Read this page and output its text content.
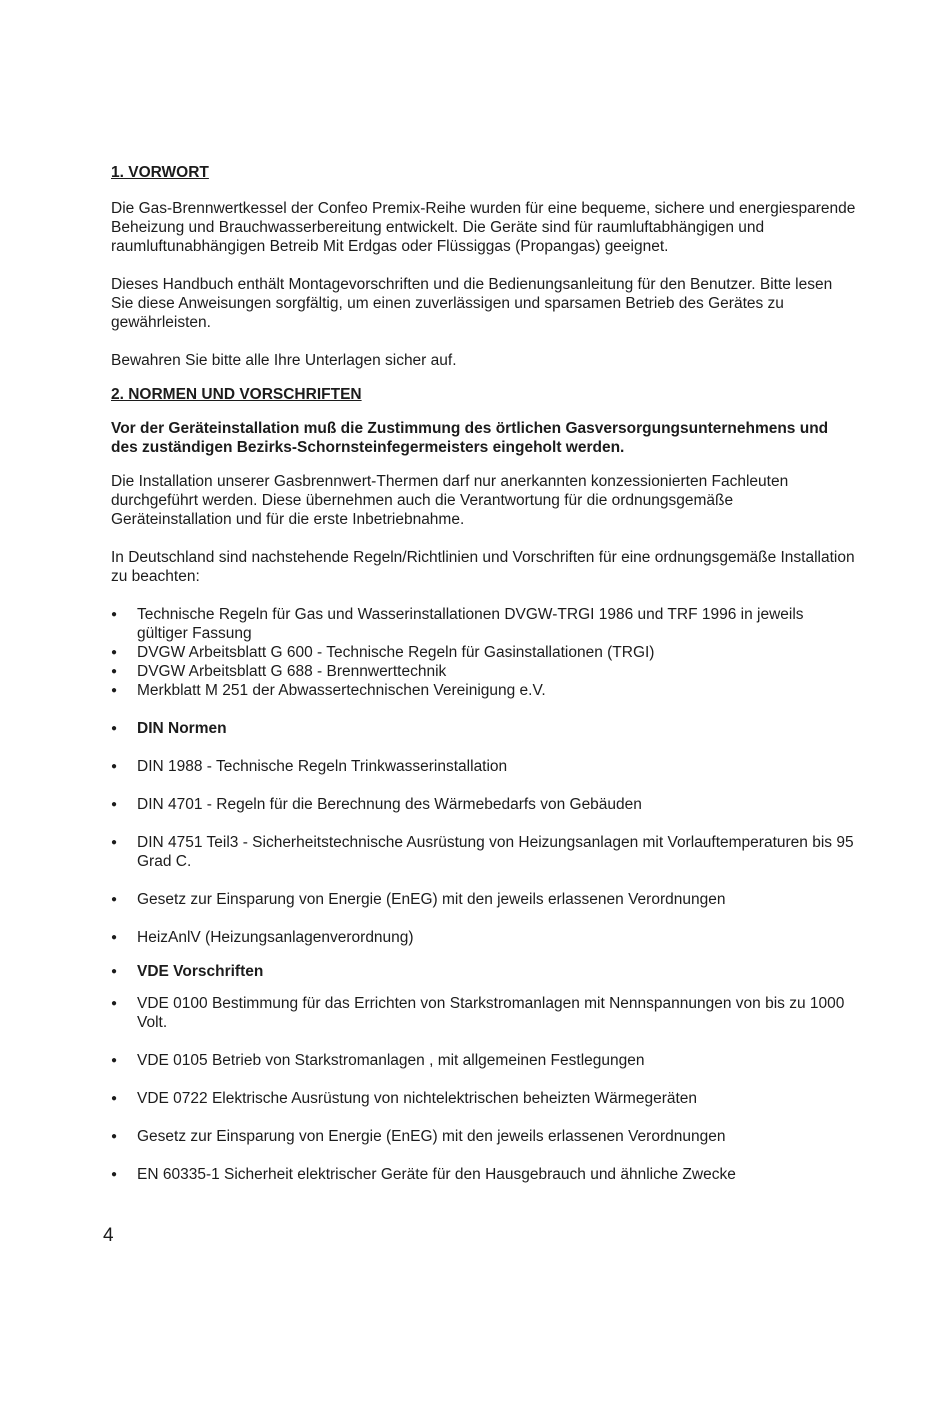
1. VORWORT

Die Gas-Brennwertkessel der Confeo Premix-Reihe wurden für eine bequeme, sichere und energiesparende Beheizung und Brauchwasserbereitung entwickelt. Die Geräte sind für raumluftabhängigen und raumluftunabhängigen Betreib Mit Erdgas oder Flüssiggas (Propangas) geeignet.

Dieses Handbuch enthält Montagevorschriften und die Bedienungsanleitung für den Benutzer. Bitte lesen Sie diese Anweisungen sorgfältig, um einen zuverlässigen und sparsamen Betrieb des Gerätes zu gewährleisten.

Bewahren Sie bitte alle Ihre Unterlagen sicher auf.

2. NORMEN UND VORSCHRIFTEN

Vor der Geräteinstallation muß die Zustimmung des örtlichen Gasversorgungsunternehmens und des zuständigen Bezirks-Schornsteinfegermeisters eingeholt werden.

Die Installation unserer Gasbrennwert-Thermen darf nur anerkannten konzessionierten Fachleuten durchgeführt werden. Diese übernehmen auch die Verantwortung für die ordnungsgemäße Geräteinstallation und für die erste Inbetriebnahme.

In Deutschland sind nachstehende Regeln/Richtlinien und Vorschriften für eine ordnungsgemäße Installation zu beachten:

● Technische Regeln für Gas und Wasserinstallationen DVGW-TRGI 1986 und TRF 1996 in jeweils gültiger Fassung
● DVGW Arbeitsblatt G 600 - Technische Regeln für Gasinstallationen (TRGI)
● DVGW Arbeitsblatt G 688 - Brennwerttechnik
● Merkblatt M 251 der Abwassertechnischen Vereinigung e.V.
● DIN Normen
● DIN 1988 - Technische Regeln Trinkwasserinstallation
● DIN 4701 - Regeln für die Berechnung des Wärmebedarfs von Gebäuden
● DIN 4751 Teil3 - Sicherheitstechnische Ausrüstung von Heizungsanlagen mit Vorlauftemperaturen bis 95 Grad C.
● Gesetz zur Einsparung von Energie (EnEG) mit den jeweils erlassenen Verordnungen
● HeizAnlV (Heizungsanlagenverordnung)
● VDE Vorschriften
● VDE 0100 Bestimmung für das Errichten von Starkstromanlagen mit Nennspannungen von bis zu 1000 Volt.
● VDE 0105 Betrieb von Starkstromanlagen , mit allgemeinen Festlegungen
● VDE 0722 Elektrische Ausrüstung von nichtelektrischen beheizten Wärmegeräten
● Gesetz zur Einsparung von Energie (EnEG) mit den jeweils erlassenen Verordnungen
● EN 60335-1 Sicherheit elektrischer Geräte für den Hausgebrauch und ähnliche Zwecke
4
